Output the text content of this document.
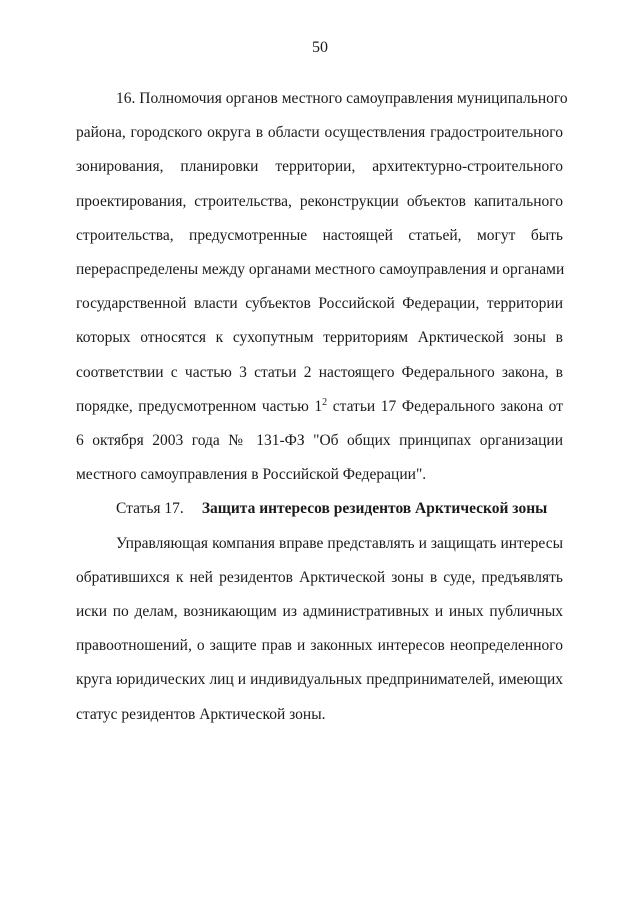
50
16. Полномочия органов местного самоуправления муниципального
района, городского округа в области осуществления градостроительного
зонирования, планировки территории, архитектурно-строительного
проектирования, строительства, реконструкции объектов капитального
строительства, предусмотренные настоящей статьей, могут быть
перераспределены между органами местного самоуправления и органами
государственной власти субъектов Российской Федерации, территории
которых относятся к сухопутным территориям Арктической зоны в
соответствии с частью 3 статьи 2 настоящего Федерального закона, в
порядке, предусмотренном частью $1^2$ статьи 17 Федерального закона от
6 октября 2003 года № 131-ФЗ "Об общих принципах организации
местного самоуправления в Российской Федерации".
Статья 17. Защита интересов резидентов Арктической зоны
Управляющая компания вправе представлять и защищать интересы
обратившихся к ней резидентов Арктической зоны в суде, предъявлять
иски по делам, возникающим из административных и иных публичных
правоотношений, о защите прав и законных интересов неопределенного
круга юридических лиц и индивидуальных предпринимателей, имеющих
статус резидентов Арктической зоны.
